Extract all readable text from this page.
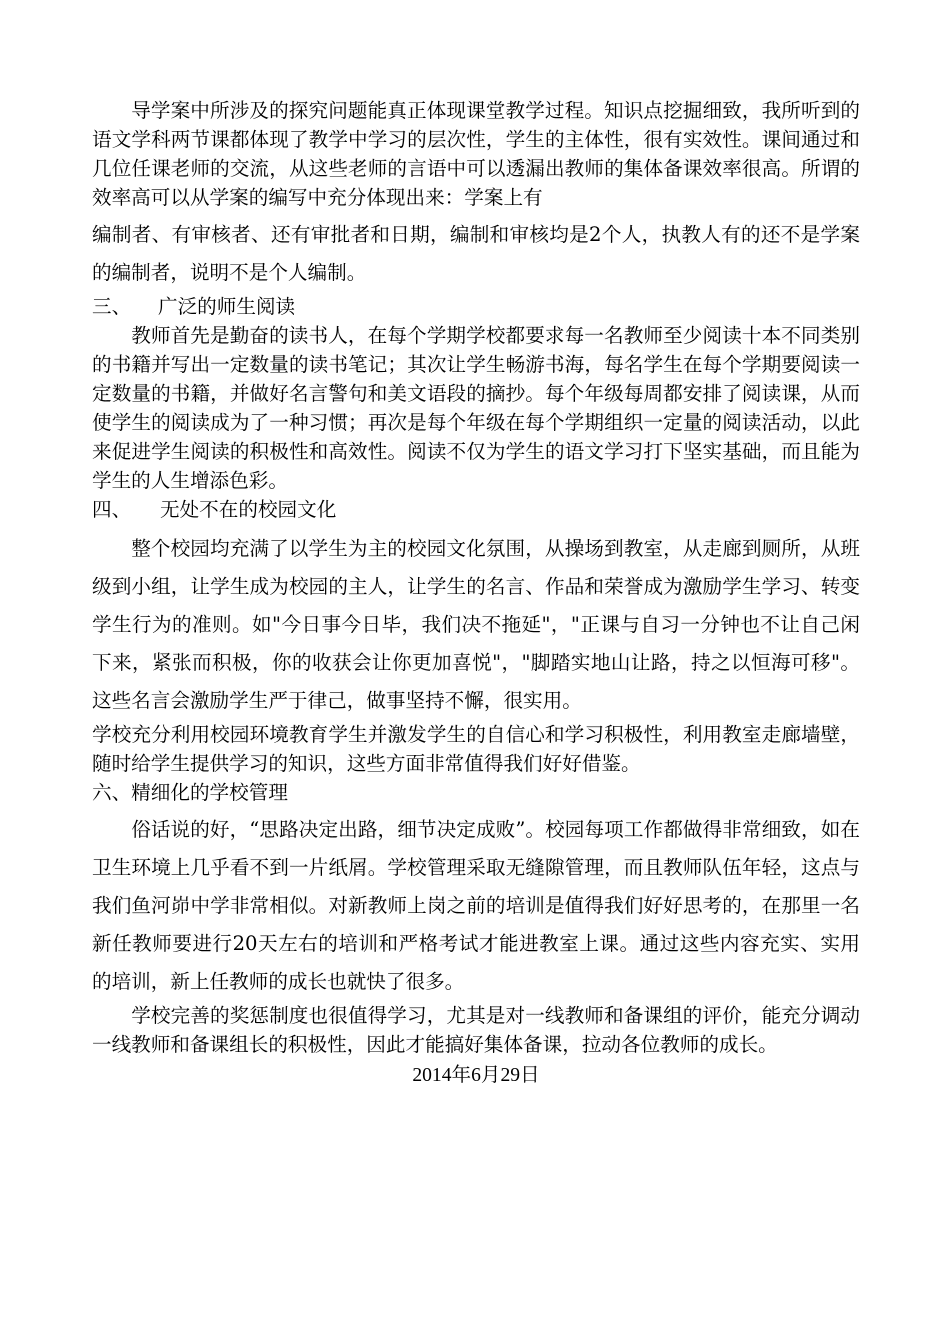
导学案中所涉及的探究问题能真正体现课堂教学过程。知识点挖掘细致，我所听到的语文学科两节课都体现了教学中学习的层次性，学生的主体性，很有实效性。课间通过和几位任课老师的交流，从这些老师的言语中可以透漏出教师的集体备课效率很高。所谓的效率高可以从学案的编写中充分体现出来：学案上有

编制者、有审核者、还有审批者和日期，编制和审核均是2个人，执教人有的还不是学案的编制者，说明不是个人编制。

三、 广泛的师生阅读

教师首先是勤奋的读书人，在每个学期学校都要求每一名教师至少阅读十本不同类别的书籍并写出一定数量的读书笔记；其次让学生畅游书海，每名学生在每个学期要阅读一定数量的书籍，并做好名言警句和美文语段的摘抄。每个年级每周都安排了阅读课，从而使学生的阅读成为了一种习惯；再次是每个年级在每个学期组织一定量的阅读活动，以此来促进学生阅读的积极性和高效性。阅读不仅为学生的语文学习打下坚实基础，而且能为学生的人生增添色彩。

四、 无处不在的校园文化

整个校园均充满了以学生为主的校园文化氛围，从操场到教室，从走廊到厕所，从班级到小组，让学生成为校园的主人，让学生的名言、作品和荣誉成为激励学生学习、转变学生行为的准则。如"今日事今日毕，我们决不拖延"，"正课与自习一分钟也不让自己闲下来，紧张而积极，你的收获会让你更加喜悦"，"脚踏实地山让路，持之以恒海可移"。这些名言会激励学生严于律己，做事坚持不懈，很实用。

学校充分利用校园环境教育学生并激发学生的自信心和学习积极性，利用教室走廊墙壁，随时给学生提供学习的知识，这些方面非常值得我们好好借鉴。

六、精细化的学校管理

俗话说的好，“思路决定出路，细节决定成败”。校园每项工作都做得非常细致，如在卫生环境上几乎看不到一片纸屑。学校管理采取无缝隙管理，而且教师队伍年轻，这点与我们鱼河峁中学非常相似。对新教师上岗之前的培训是值得我们好好思考的，在那里一名新任教师要进行20天左右的培训和严格考试才能进教室上课。通过这些内容充实、实用的培训，新上任教师的成长也就快了很多。

学校完善的奖惩制度也很值得学习，尤其是对一线教师和备课组的评价，能充分调动一线教师和备课组长的积极性，因此才能搞好集体备课，拉动各位教师的成长。

2014年6月29日
